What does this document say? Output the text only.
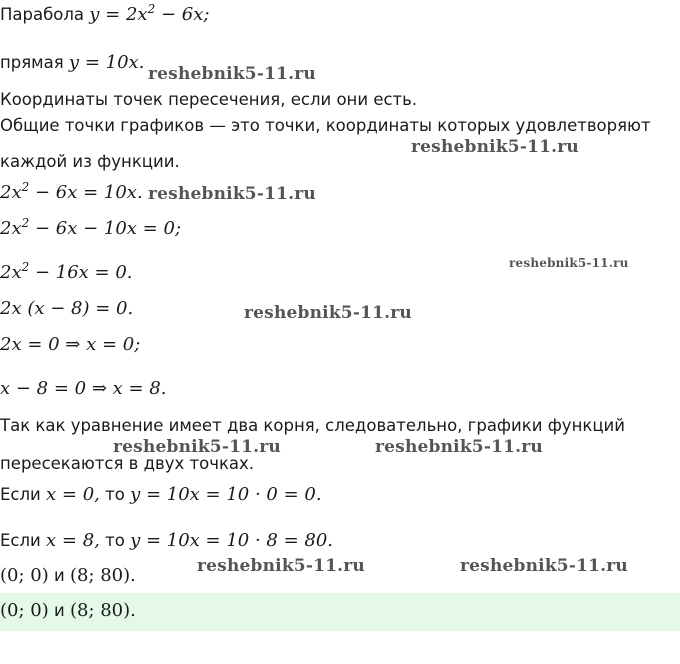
Парабола $y = 2x^2 - 6x$;
прямая y = 10x.
Координаты точек пересечения, если они есть.
Общие точки графиков — это точки, координаты которых удовлетворяют
каждой из функции.
$2x^2 - 6x = 10x$.
$2x^2 - 6x - 10x = 0$;
$2x^2 - 16x = 0$.
2x (x − 8) = 0.
2x = 0 ⇒ x = 0;
x − 8 = 0 ⇒ x = 8.
Так как уравнение имеет два корня, следовательно, графики функций
пересекаются в двух точках.
Если x = 0, то y = 10x = 10 · 0 = 0.
Если x = 8, то y = 10x = 10 · 8 = 80.
(0; 0) и (8; 80).
(0; 0) и (8; 80).
reshebnik5-11.ru
reshebnik5-11.ru
reshebnik5-11.ru
reshebnik5-11.ru
reshebnik5-11.ru
reshebnik5-11.ru	reshebnik5-11.ru
reshebnik5-11.ru	reshebnik5-11.ru
